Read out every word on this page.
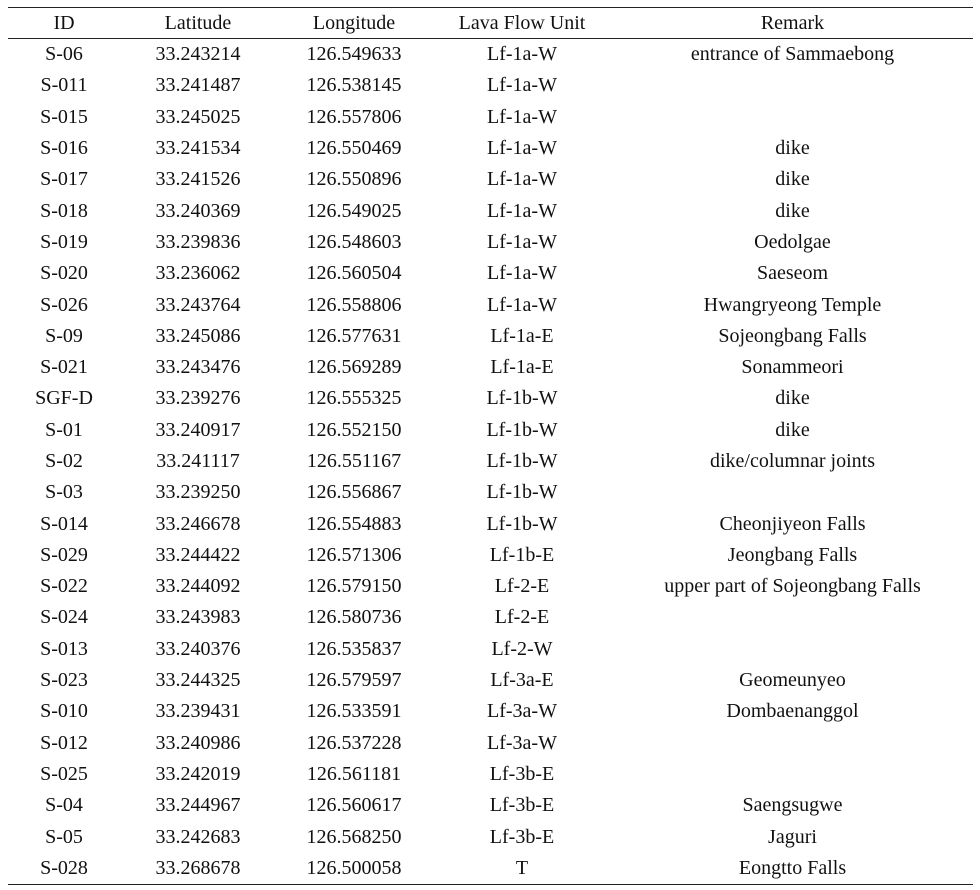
ID	Latitude	Longitude	Lava Flow Unit	Remark
S-06	33.243214	126.549633	Lf-1a-W	entrance of Sammaebong
S-011	33.241487	126.538145	Lf-1a-W	
S-015	33.245025	126.557806	Lf-1a-W	
S-016	33.241534	126.550469	Lf-1a-W	dike
S-017	33.241526	126.550896	Lf-1a-W	dike
S-018	33.240369	126.549025	Lf-1a-W	dike
S-019	33.239836	126.548603	Lf-1a-W	Oedolgae
S-020	33.236062	126.560504	Lf-1a-W	Saeseom
S-026	33.243764	126.558806	Lf-1a-W	Hwangryeong Temple
S-09	33.245086	126.577631	Lf-1a-E	Sojeongbang Falls
S-021	33.243476	126.569289	Lf-1a-E	Sonammeori
SGF-D	33.239276	126.555325	Lf-1b-W	dike
S-01	33.240917	126.552150	Lf-1b-W	dike
S-02	33.241117	126.551167	Lf-1b-W	dike/columnar joints
S-03	33.239250	126.556867	Lf-1b-W	
S-014	33.246678	126.554883	Lf-1b-W	Cheonjiyeon Falls
S-029	33.244422	126.571306	Lf-1b-E	Jeongbang Falls
S-022	33.244092	126.579150	Lf-2-E	upper part of Sojeongbang Falls
S-024	33.243983	126.580736	Lf-2-E	
S-013	33.240376	126.535837	Lf-2-W	
S-023	33.244325	126.579597	Lf-3a-E	Geomeunyeo
S-010	33.239431	126.533591	Lf-3a-W	Dombaenanggol
S-012	33.240986	126.537228	Lf-3a-W	
S-025	33.242019	126.561181	Lf-3b-E	
S-04	33.244967	126.560617	Lf-3b-E	Saengsugwe
S-05	33.242683	126.568250	Lf-3b-E	Jaguri
S-028	33.268678	126.500058	T	Eongtto Falls
